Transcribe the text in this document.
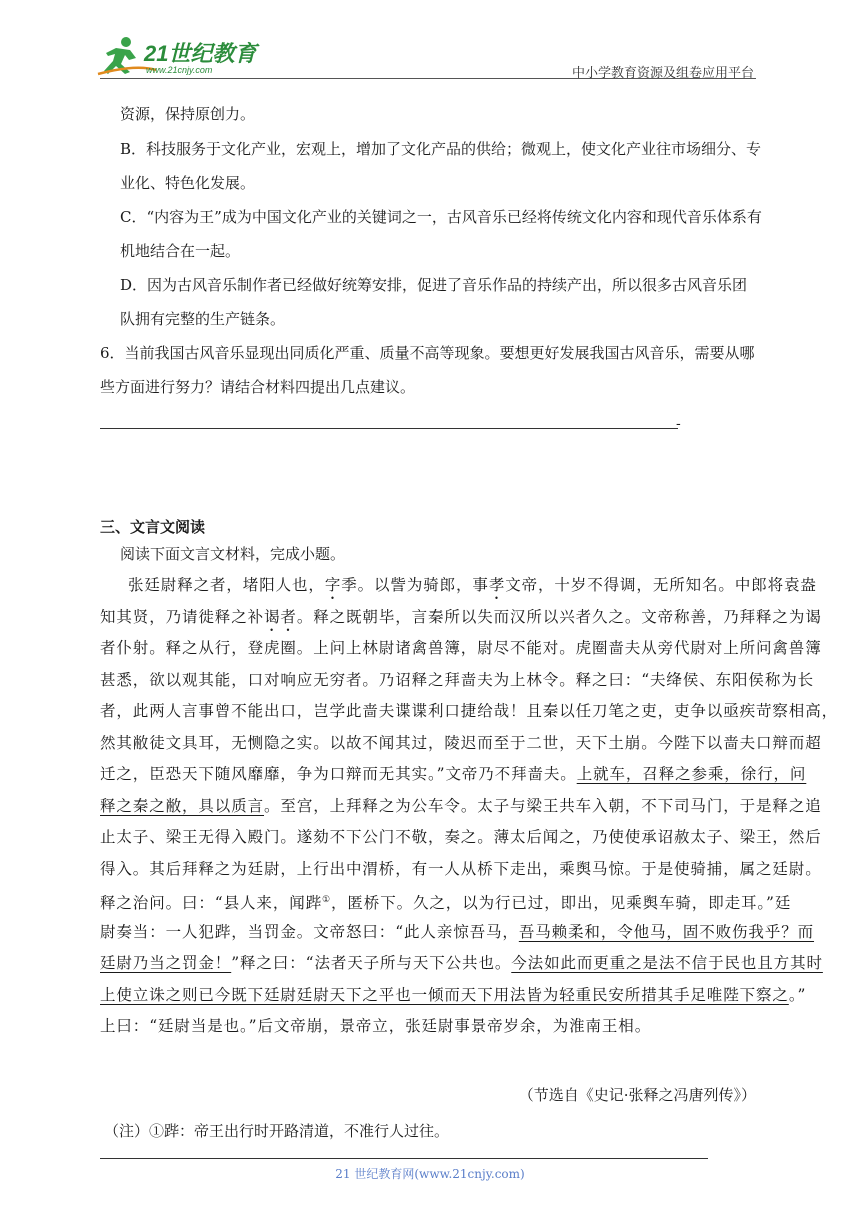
21世纪教育
www.21cnjy.com	中小学教育资源及组卷应用平台
资源，保持原创力。
B．科技服务于文化产业，宏观上，增加了文化产品的供给；微观上，使文化产业往市场细分、专
业化、特色化发展。
C．“内容为王”成为中国文化产业的关键词之一，古风音乐已经将传统文化内容和现代音乐体系有
机地结合在一起。
D．因为古风音乐制作者已经做好统筹安排，促进了音乐作品的持续产出，所以很多古风音乐团
队拥有完整的生产链条。
6．当前我国古风音乐显现出同质化严重、质量不高等现象。要想更好发展我国古风音乐，需要从哪
些方面进行努力？请结合材料四提出几点建议。
-
三、文言文阅读
阅读下面文言文材料，完成小题。
张廷尉释之者，堵阳人也，字季。以訾为骑郎，事孝文帝，十岁不得调，无所知名。中郎将袁盎
知其贤，乃请徙释之补谒者。释之既朝毕，言秦所以失而汉所以兴者久之。文帝称善，乃拜释之为谒
者仆射。释之从行，登虎圈。上问上林尉诸禽兽簿，尉尽不能对。虎圈啬夫从旁代尉对上所问禽兽簿
甚悉，欲以观其能，口对响应无穷者。乃诏释之拜啬夫为上林令。释之曰：“夫绛侯、东阳侯称为长
者，此两人言事曾不能出口，岂学此啬夫谍谍利口捷给哉！且秦以任刀笔之吏，吏争以亟疾苛察相高，
然其敝徒文具耳，无恻隐之实。以故不闻其过，陵迟而至于二世，天下土崩。今陛下以啬夫口辩而超
迁之，臣恐天下随风靡靡，争为口辩而无其实。”文帝乃不拜啬夫。上就车，召释之参乘，徐行，问
释之秦之敝，具以质言。至宫，上拜释之为公车令。太子与梁王共车入朝，不下司马门，于是释之追
止太子、梁王无得入殿门。遂劾不下公门不敬，奏之。薄太后闻之，乃使使承诏赦太子、梁王，然后
得入。其后拜释之为廷尉，上行出中渭桥，有一人从桥下走出，乘舆马惊。于是使骑捕，属之廷尉。
释之治问。曰：“县人来，闻跸①，匿桥下。久之，以为行已过，即出，见乘舆车骑，即走耳。”廷
尉奏当：一人犯跸，当罚金。文帝怒曰：“此人亲惊吾马，吾马赖柔和，令他马，固不败伤我乎？而
廷尉乃当之罚金！”释之曰：“法者天子所与天下公共也。今法如此而更重之是法不信于民也且方其时
上使立诛之则已今既下廷尉廷尉天下之平也一倾而天下用法皆为轻重民安所措其手足唯陛下察之。”
上曰：“廷尉当是也。”后文帝崩，景帝立，张廷尉事景帝岁余，为淮南王相。
（节选自《史记·张释之冯唐列传》）
（注）①跸：帝王出行时开路清道，不准行人过往。
21 世纪教育网(www.21cnjy.com)
